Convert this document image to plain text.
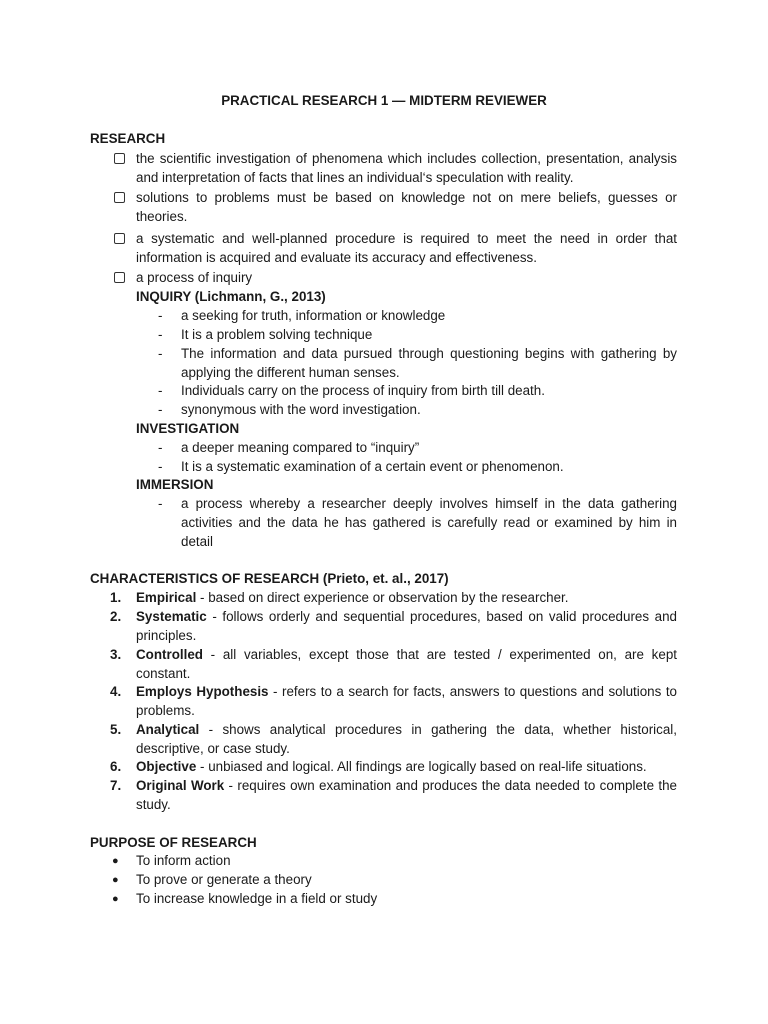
PRACTICAL RESEARCH 1 — MIDTERM REVIEWER
RESEARCH
the scientific investigation of phenomena which includes collection, presentation, analysis and interpretation of facts that lines an individual‘s speculation with reality.
solutions to problems must be based on knowledge not on mere beliefs, guesses or theories.
a systematic and well-planned procedure is required to meet the need in order that information is acquired and evaluate its accuracy and effectiveness.
a process of inquiry
INQUIRY (Lichmann, G., 2013)
- a seeking for truth, information or knowledge
- It is a problem solving technique
- The information and data pursued through questioning begins with gathering by applying the different human senses.
- Individuals carry on the process of inquiry from birth till death.
- synonymous with the word investigation.
INVESTIGATION
- a deeper meaning compared to “inquiry”
- It is a systematic examination of a certain event or phenomenon.
IMMERSION
- a process whereby a researcher deeply involves himself in the data gathering activities and the data he has gathered is carefully read or examined by him in detail
CHARACTERISTICS OF RESEARCH (Prieto, et. al., 2017)
1. Empirical - based on direct experience or observation by the researcher.
2. Systematic - follows orderly and sequential procedures, based on valid procedures and principles.
3. Controlled - all variables, except those that are tested / experimented on, are kept constant.
4. Employs Hypothesis - refers to a search for facts, answers to questions and solutions to problems.
5. Analytical - shows analytical procedures in gathering the data, whether historical, descriptive, or case study.
6. Objective - unbiased and logical. All findings are logically based on real-life situations.
7. Original Work - requires own examination and produces the data needed to complete the study.
PURPOSE OF RESEARCH
● To inform action
● To prove or generate a theory
● To increase knowledge in a field or study
